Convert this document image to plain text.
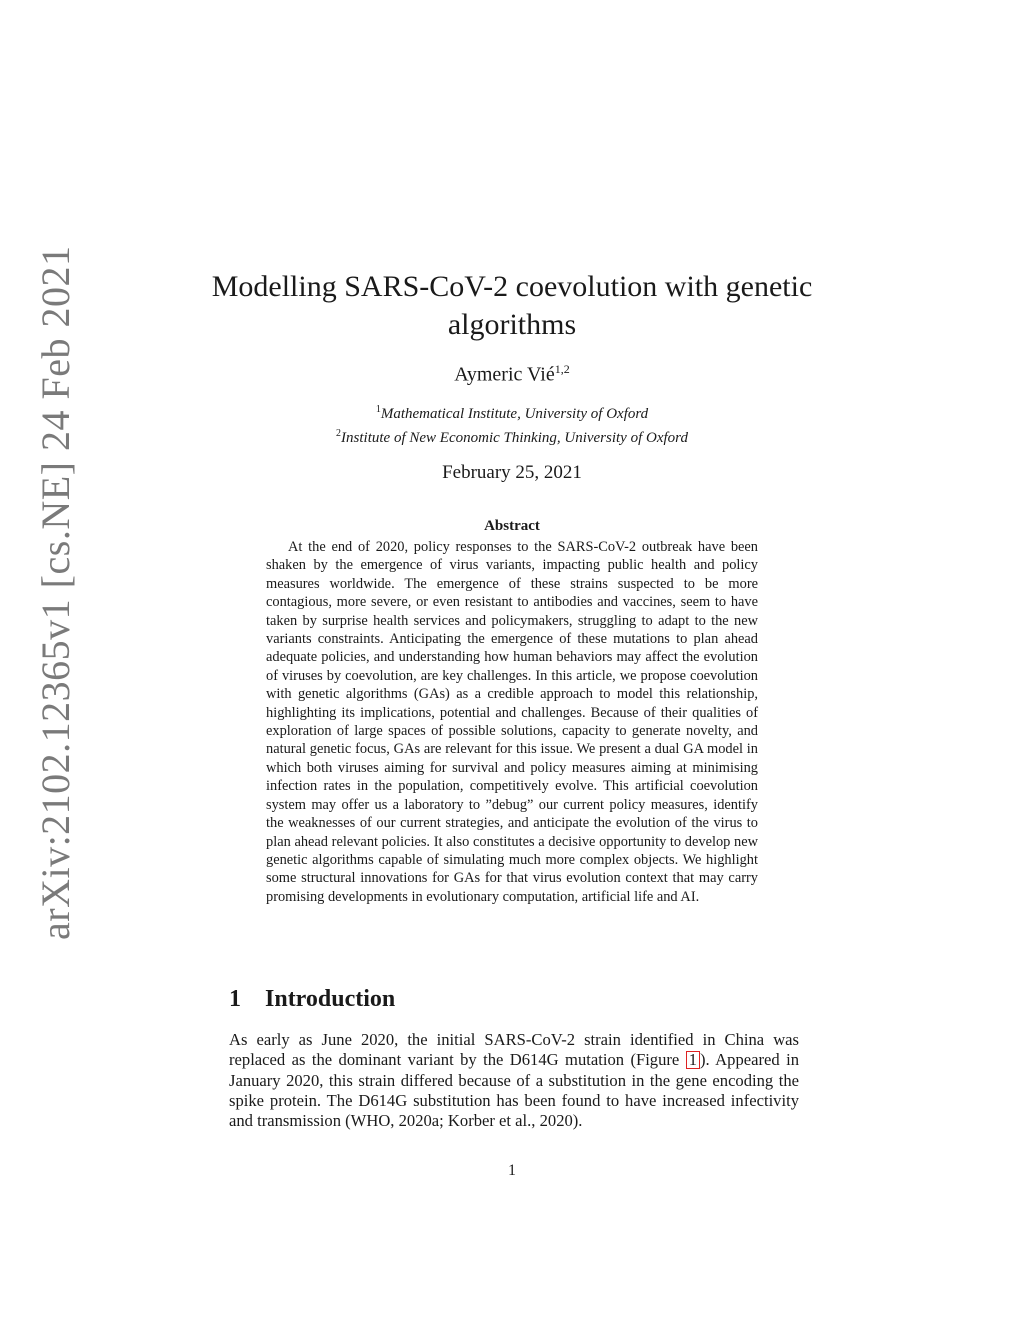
arXiv:2102.12365v1 [cs.NE] 24 Feb 2021	Modelling SARS-CoV-2 coevolution with genetic algorithms
Aymeric Vié$^{1,2}$
$^1$Mathematical Institute, University of Oxford
$^2$Institute of New Economic Thinking, University of Oxford
February 25, 2021
Abstract
At the end of 2020, policy responses to the SARS-CoV-2 outbreak have been shaken by the emergence of virus variants, impacting public health and policy measures worldwide. The emergence of these strains suspected to be more contagious, more severe, or even resistant to antibodies and vaccines, seem to have taken by surprise health services and policymakers, struggling to adapt to the new variants constraints. Anticipating the emergence of these mutations to plan ahead adequate policies, and understanding how human behaviors may affect the evolution of viruses by coevolution, are key challenges. In this article, we propose coevolution with genetic algorithms (GAs) as a credible approach to model this relationship, highlighting its implications, potential and challenges. Because of their qualities of exploration of large spaces of possible solutions, capacity to generate novelty, and natural genetic focus, GAs are relevant for this issue. We present a dual GA model in which both viruses aiming for survival and policy measures aiming at minimising infection rates in the population, competitively evolve. This artificial coevolution system may offer us a laboratory to ”debug” our current policy measures, identify the weaknesses of our current strategies, and anticipate the evolution of the virus to plan ahead relevant policies. It also constitutes a decisive opportunity to develop new genetic algorithms capable of simulating much more complex objects. We highlight some structural innovations for GAs for that virus evolution context that may carry promising developments in evolutionary computation, artificial life and AI.
1 Introduction
As early as June 2020, the initial SARS-CoV-2 strain identified in China was replaced as the dominant variant by the D614G mutation (Figure 1 ). Appeared in January 2020, this strain differed because of a substitution in the gene encoding the spike protein. The D614G substitution has been found to have increased infectivity and transmission (WHO, 2020a; Korber et al., 2020).
1
